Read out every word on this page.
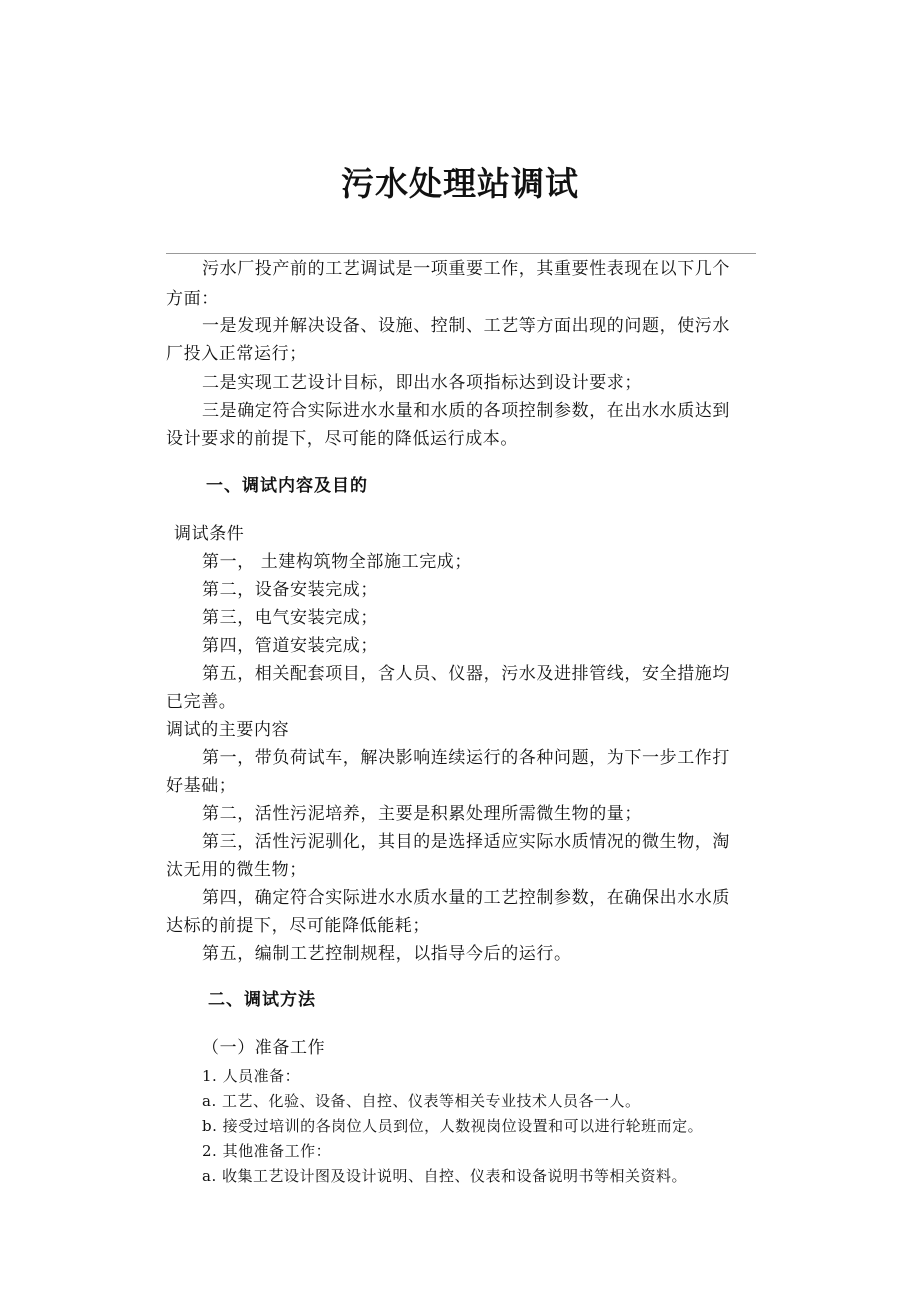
污水处理站调试
污水厂投产前的工艺调试是一项重要工作，其重要性表现在以下几个
方面：
一是发现并解决设备、设施、控制、工艺等方面出现的问题，使污水
厂投入正常运行；
二是实现工艺设计目标，即出水各项指标达到设计要求；
三是确定符合实际进水水量和水质的各项控制参数，在出水水质达到
设计要求的前提下，尽可能的降低运行成本。
一、调试内容及目的
调试条件
第一， 土建构筑物全部施工完成；
第二，设备安装完成；
第三，电气安装完成；
第四，管道安装完成；
第五，相关配套项目，含人员、仪器，污水及进排管线，安全措施均
已完善。
调试的主要内容
第一，带负荷试车，解决影响连续运行的各种问题，为下一步工作打
好基础；
第二，活性污泥培养，主要是积累处理所需微生物的量；
第三，活性污泥驯化，其目的是选择适应实际水质情况的微生物，淘
汰无用的微生物；
第四，确定符合实际进水水质水量的工艺控制参数，在确保出水水质
达标的前提下，尽可能降低能耗；
第五，编制工艺控制规程，以指导今后的运行。
二、调试方法
（一）准备工作
1. 人员准备：
a. 工艺、化验、设备、自控、仪表等相关专业技术人员各一人。
b. 接受过培训的各岗位人员到位，人数视岗位设置和可以进行轮班而定。
2. 其他准备工作：
a. 收集工艺设计图及设计说明、自控、仪表和设备说明书等相关资料。
